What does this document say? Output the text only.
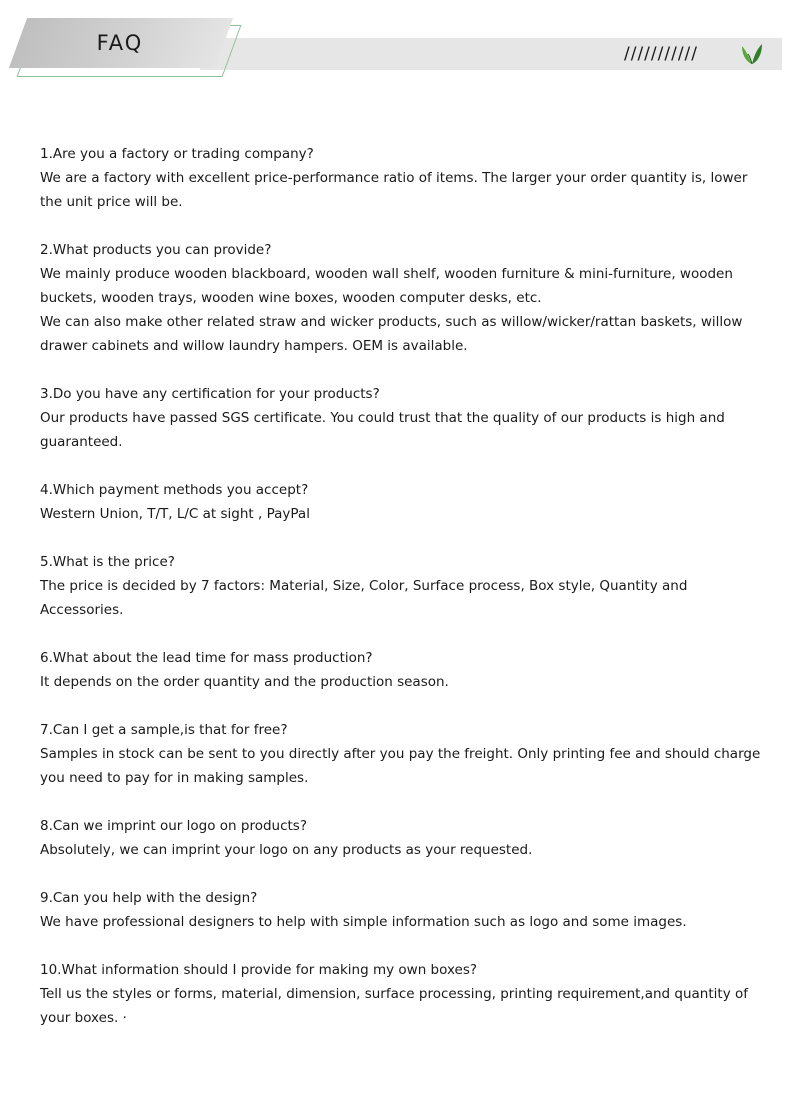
FAQ	///////////

1.Are you a factory or trading company?

We are a factory with excellent price-performance ratio of items. The larger your order quantity is, lower the unit price will be.

2.What products you can provide?

We mainly produce wooden blackboard, wooden wall shelf, wooden furniture & mini-furniture, wooden buckets, wooden trays, wooden wine boxes, wooden computer desks, etc.

We can also make other related straw and wicker products, such as willow/wicker/rattan baskets, willow drawer cabinets and willow laundry hampers. OEM is available.

3.Do you have any certification for your products?

Our products have passed SGS certificate. You could trust that the quality of our products is high and guaranteed.

4.Which payment methods you accept?

Western Union, T/T, L/C at sight , PayPal

5.What is the price?

The price is decided by 7 factors: Material, Size, Color, Surface process, Box style, Quantity and Accessories.

6.What about the lead time for mass production?

It depends on the order quantity and the production season.

7.Can I get a sample,is that for free?

Samples in stock can be sent to you directly after you pay the freight. Only printing fee and should charge you need to pay for in making samples.

8.Can we imprint our logo on products?

Absolutely, we can imprint your logo on any products as your requested.

9.Can you help with the design?

We have professional designers to help with simple information such as logo and some images.

10.What information should I provide for making my own boxes?

Tell us the styles or forms, material, dimension, surface processing, printing requirement,and quantity of your boxes. ·
